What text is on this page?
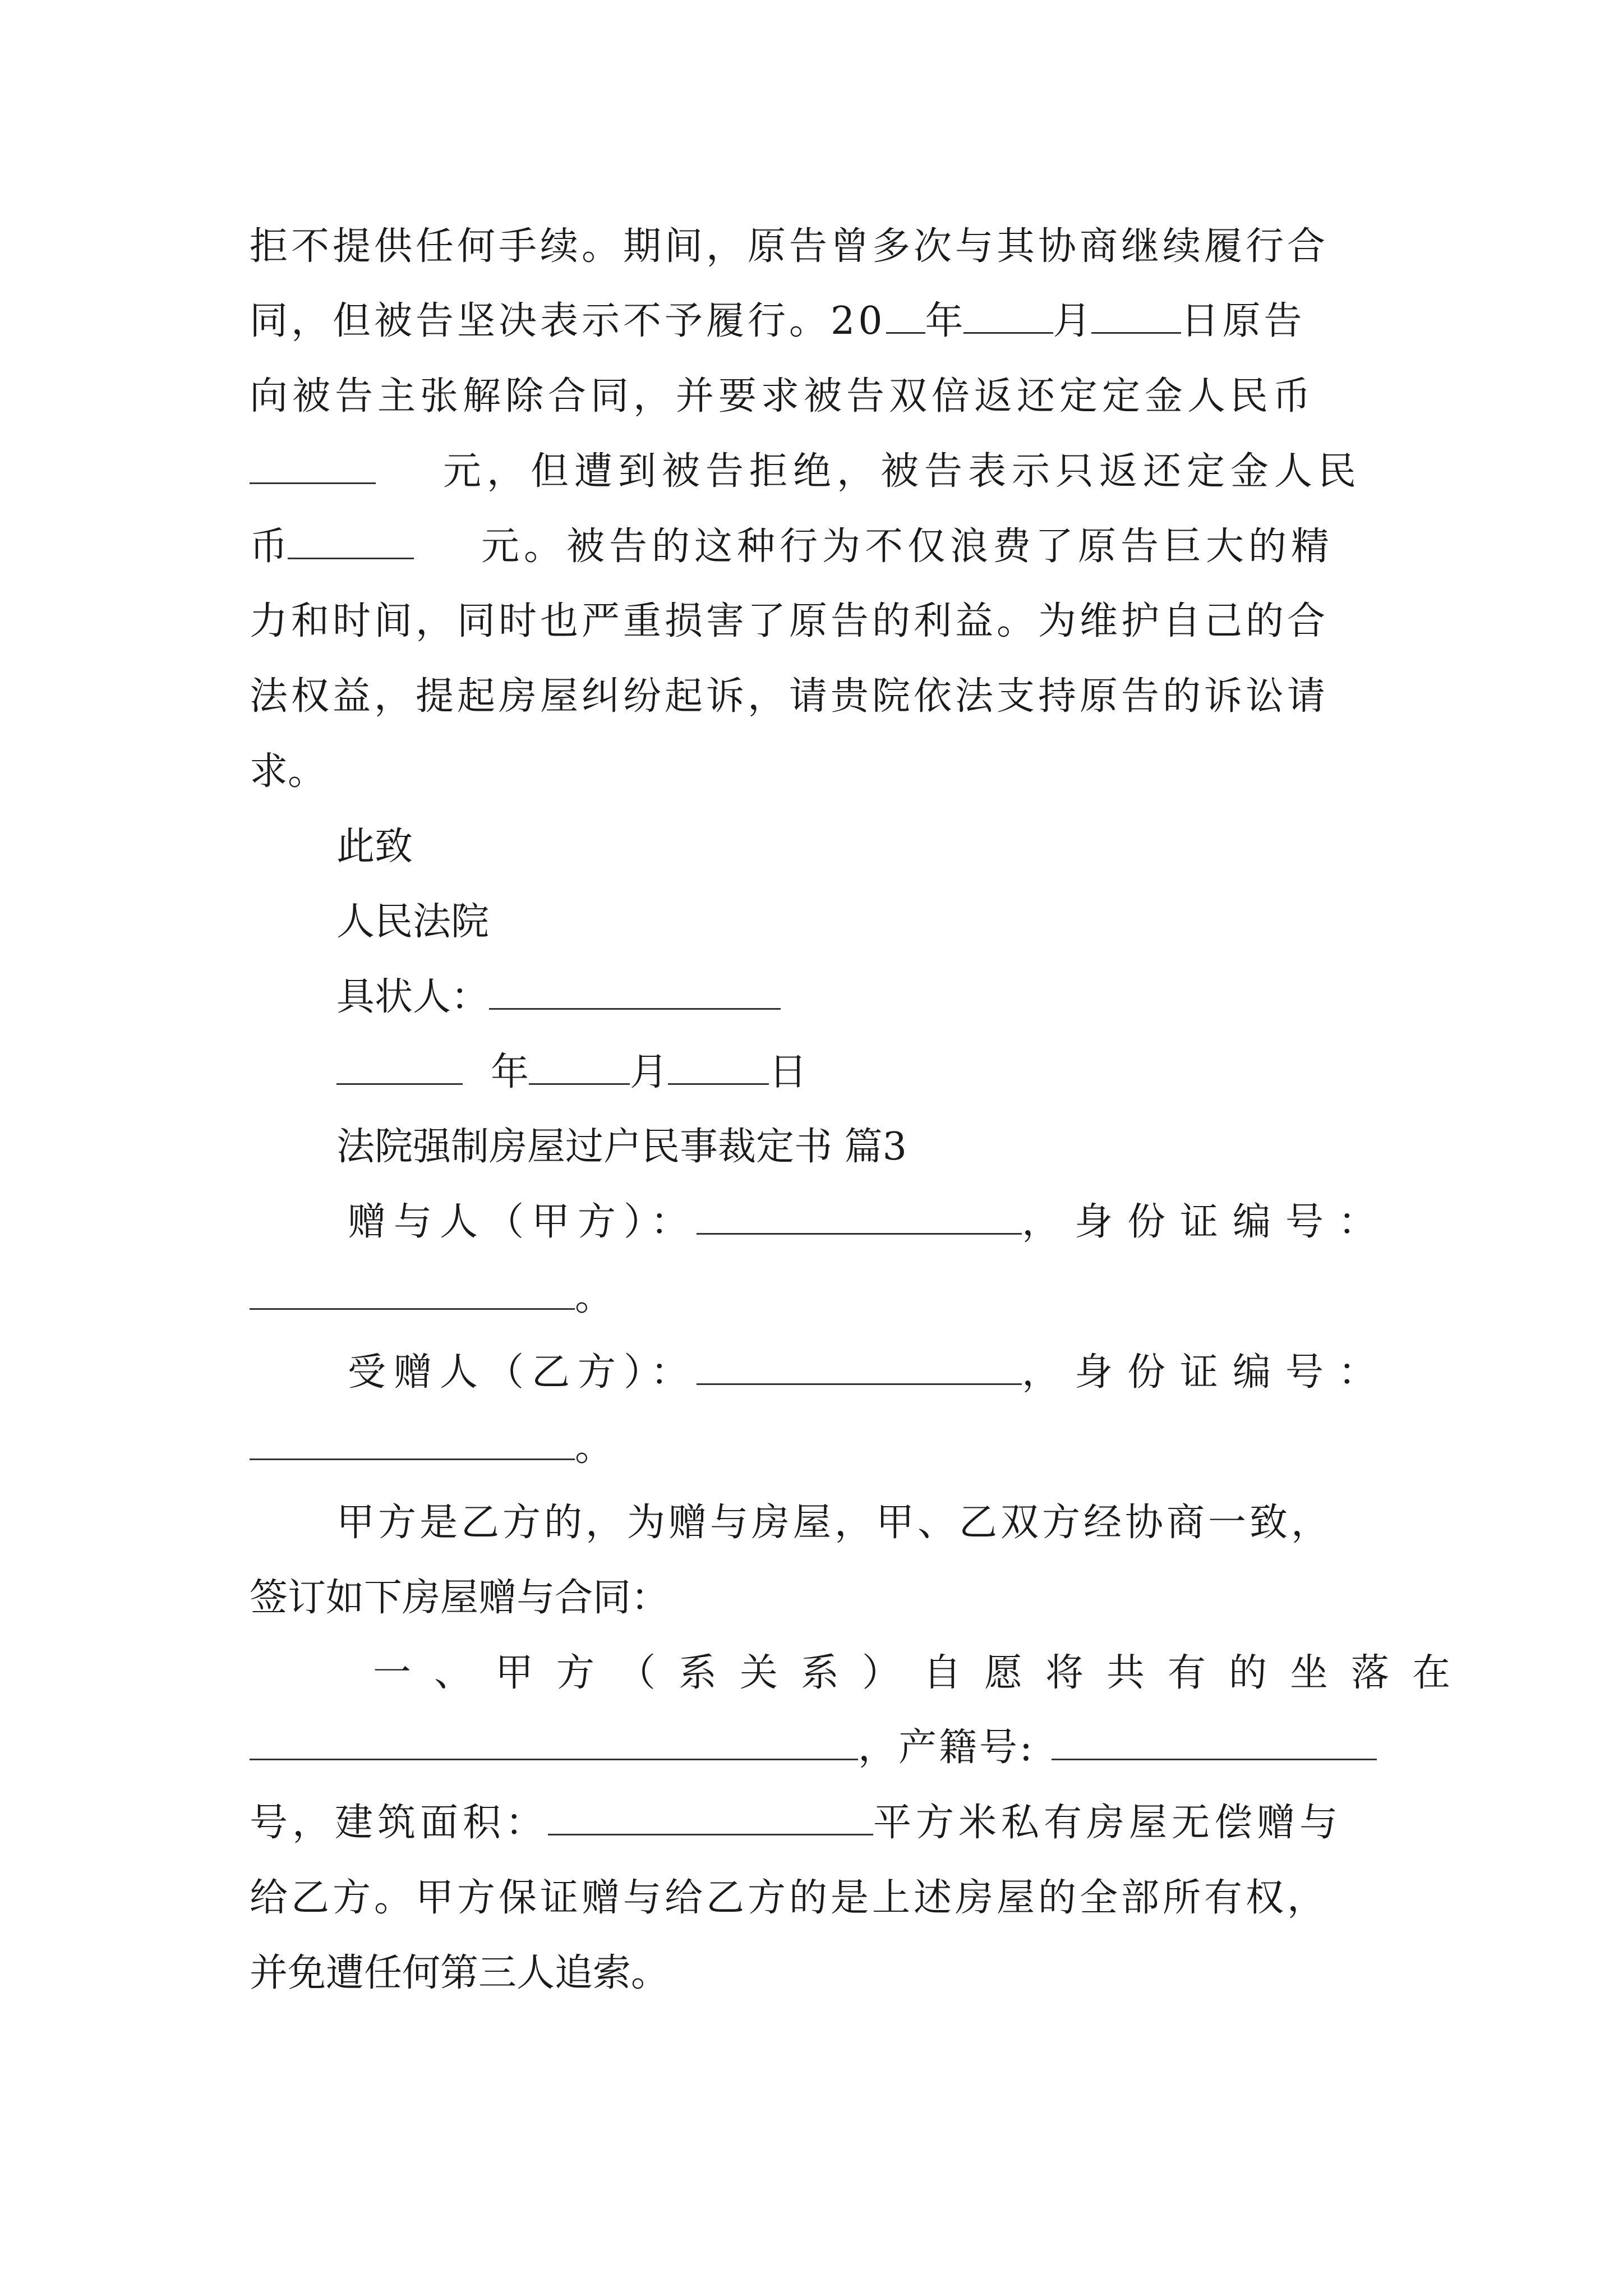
拒不提供任何手续。期间，原告曾多次与其协商继续履行合
同，但被告坚决表示不予履行。20 年 月 日原告
向被告主张解除合同，并要求被告双倍返还定定金人民币
元，但遭到被告拒绝，被告表示只返还定金人民
币	元。被告的这种行为不仅浪费了原告巨大的精
力和时间，同时也严重损害了原告的利益。为维护自己的合
法权益，提起房屋纠纷起诉，请贵院依法支持原告的诉讼请
求。
此致
人民法院
具状人：
年	月	日
法院强制房屋过户民事裁定书 篇3
赠与人（甲方）：	，身份证编号：
。
受赠人（乙方）：	，身份证编号：
。
甲方是乙方的，为赠与房屋，甲、乙双方经协商一致，
签订如下房屋赠与合同：
一、甲方（系关系）自愿将共有的坐落在
，产籍号:
号，建筑面积：	平方米私有房屋无偿赠与
给乙方。甲方保证赠与给乙方的是上述房屋的全部所有权，
并免遭任何第三人追索。
